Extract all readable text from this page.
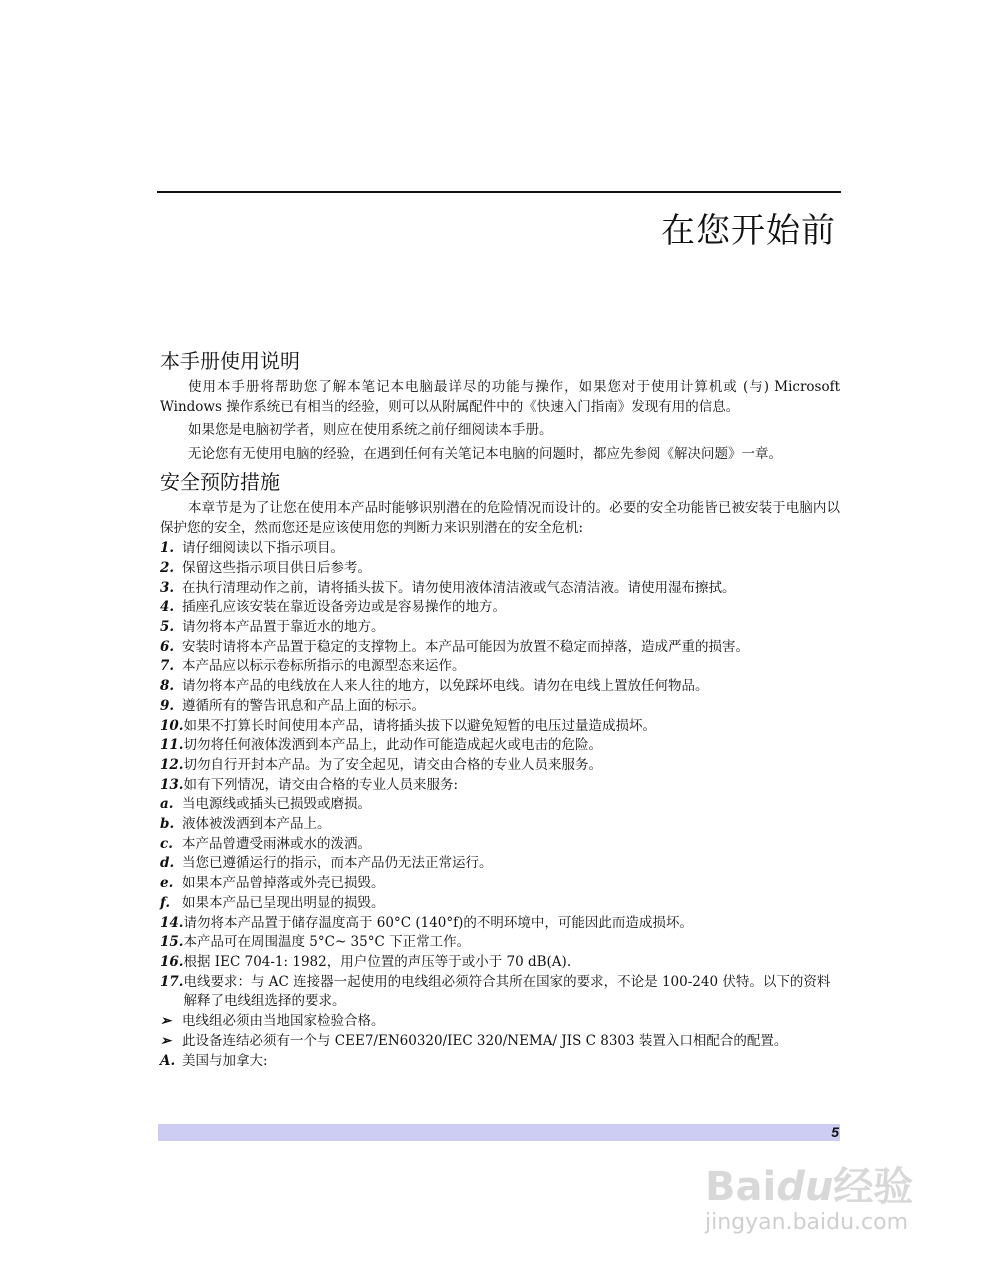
在您开始前
本手册使用说明

使用本手册将帮助您了解本笔记本电脑最详尽的功能与操作，如果您对于使用计算机或 (与) Microsoft Windows 操作系统已有相当的经验，则可以从附属配件中的《快速入门指南》发现有用的信息。

如果您是电脑初学者，则应在使用系统之前仔细阅读本手册。

无论您有无使用电脑的经验，在遇到任何有关笔记本电脑的问题时，都应先参阅《解决问题》一章。

安全预防措施

本章节是为了让您在使用本产品时能够识别潜在的危险情况而设计的。必要的安全功能皆已被安装于电脑内以保护您的安全，然而您还是应该使用您的判断力来识别潜在的安全危机:

1. 请仔细阅读以下指示项目。
2. 保留这些指示项目供日后参考。
3. 在执行清理动作之前，请将插头拔下。请勿使用液体清洁液或气态清洁液。请使用湿布擦拭。
4. 插座孔应该安装在靠近设备旁边或是容易操作的地方。
5. 请勿将本产品置于靠近水的地方。
6. 安装时请将本产品置于稳定的支撑物上。本产品可能因为放置不稳定而掉落，造成严重的损害。
7. 本产品应以标示卷标所指示的电源型态来运作。
8. 请勿将本产品的电线放在人来人往的地方，以免踩坏电线。请勿在电线上置放任何物品。
9. 遵循所有的警告讯息和产品上面的标示。
10. 如果不打算长时间使用本产品，请将插头拔下以避免短暂的电压过量造成损坏。
11. 切勿将任何液体泼洒到本产品上，此动作可能造成起火或电击的危险。
12. 切勿自行开封本产品。为了安全起见，请交由合格的专业人员来服务。
13. 如有下列情况，请交由合格的专业人员来服务:
a. 当电源线或插头已损毁或磨损。
b. 液体被泼洒到本产品上。
c. 本产品曾遭受雨淋或水的泼洒。
d. 当您已遵循运行的指示，而本产品仍无法正常运行。
e. 如果本产品曾掉落或外壳已损毁。
f. 如果本产品已呈现出明显的损毁。
14. 请勿将本产品置于储存温度高于 60°C (140°f)的不明环境中，可能因此而造成损坏。
15. 本产品可在周围温度 5°C~ 35°C 下正常工作。
16. 根据 IEC 704-1: 1982，用户位置的声压等于或小于 70 dB(A).
17. 电线要求：与 AC 连接器一起使用的电线组必须符合其所在国家的要求，不论是 100-240 伏特。以下的资料解释了电线组选择的要求。
➢ 电线组必须由当地国家检验合格。
➢ 此设备连结必须有一个与 CEE7/EN60320/IEC 320/NEMA/ JIS C 8303 装置入口相配合的配置。
A. 美国与加拿大:
5
Baidu经验
jingyan.baidu.com
